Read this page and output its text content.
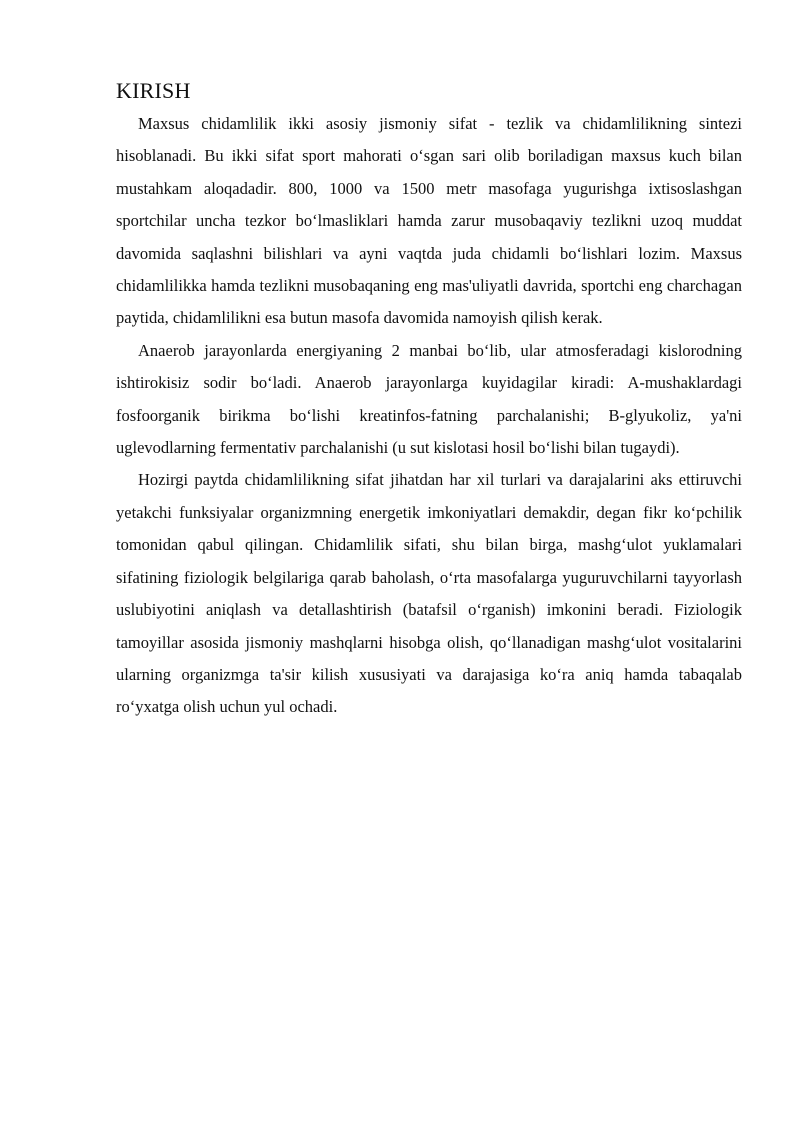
KIRISH

Maxsus chidamlilik ikki asosiy jismoniy sifat - tezlik va chidamlilikning sintezi hisoblanadi. Bu ikki sifat sport mahorati o‘sgan sari olib boriladigan maxsus kuch bilan mustahkam aloqadadir. 800, 1000 va 1500 metr masofaga yugurishga ixtisoslashgan sportchilar uncha tezkor bo‘lmasliklari hamda zarur musobaqaviy tezlikni uzoq muddat davomida saqlashni bilishlari va ayni vaqtda juda chidamli bo‘lishlari lozim. Maxsus chidamlilikka hamda tezlikni musobaqaning eng mas'uliyatli davrida, sportchi eng charchagan paytida, chidamlilikni esa butun masofa davomida namoyish qilish kerak.

Anaerob jarayonlarda energiyaning 2 manbai bo‘lib, ular atmosferadagi kislorodning ishtirokisiz sodir bo‘ladi. Anaerob jarayonlarga kuyidagilar kiradi: A-mushaklardagi fosfoorganik birikma bo‘lishi kreatinfos-fatning parchalanishi; B-glyukoliz, ya'ni uglevodlarning fermentativ parchalanishi (u sut kislotasi hosil bo‘lishi bilan tugaydi).

Hozirgi paytda chidamlilikning sifat jihatdan har xil turlari va darajalarini aks ettiruvchi yetakchi funksiyalar organizmning energetik imkoniyatlari demakdir, degan fikr ko‘pchilik tomonidan qabul qilingan. Chidamlilik sifati, shu bilan birga, mashg‘ulot yuklamalari sifatining fiziologik belgilariga qarab baholash, o‘rta masofalarga yuguruvchilarni tayyorlash uslubiyotini aniqlash va detallashtirish (batafsil o‘rganish) imkonini beradi. Fiziologik tamoyillar asosida jismoniy mashqlarni hisobga olish, qo‘llanadigan mashg‘ulot vositalarini ularning organizmga ta'sir kilish xususiyati va darajasiga ko‘ra aniq hamda tabaqalab ro‘yxatga olish uchun yul ochadi.
